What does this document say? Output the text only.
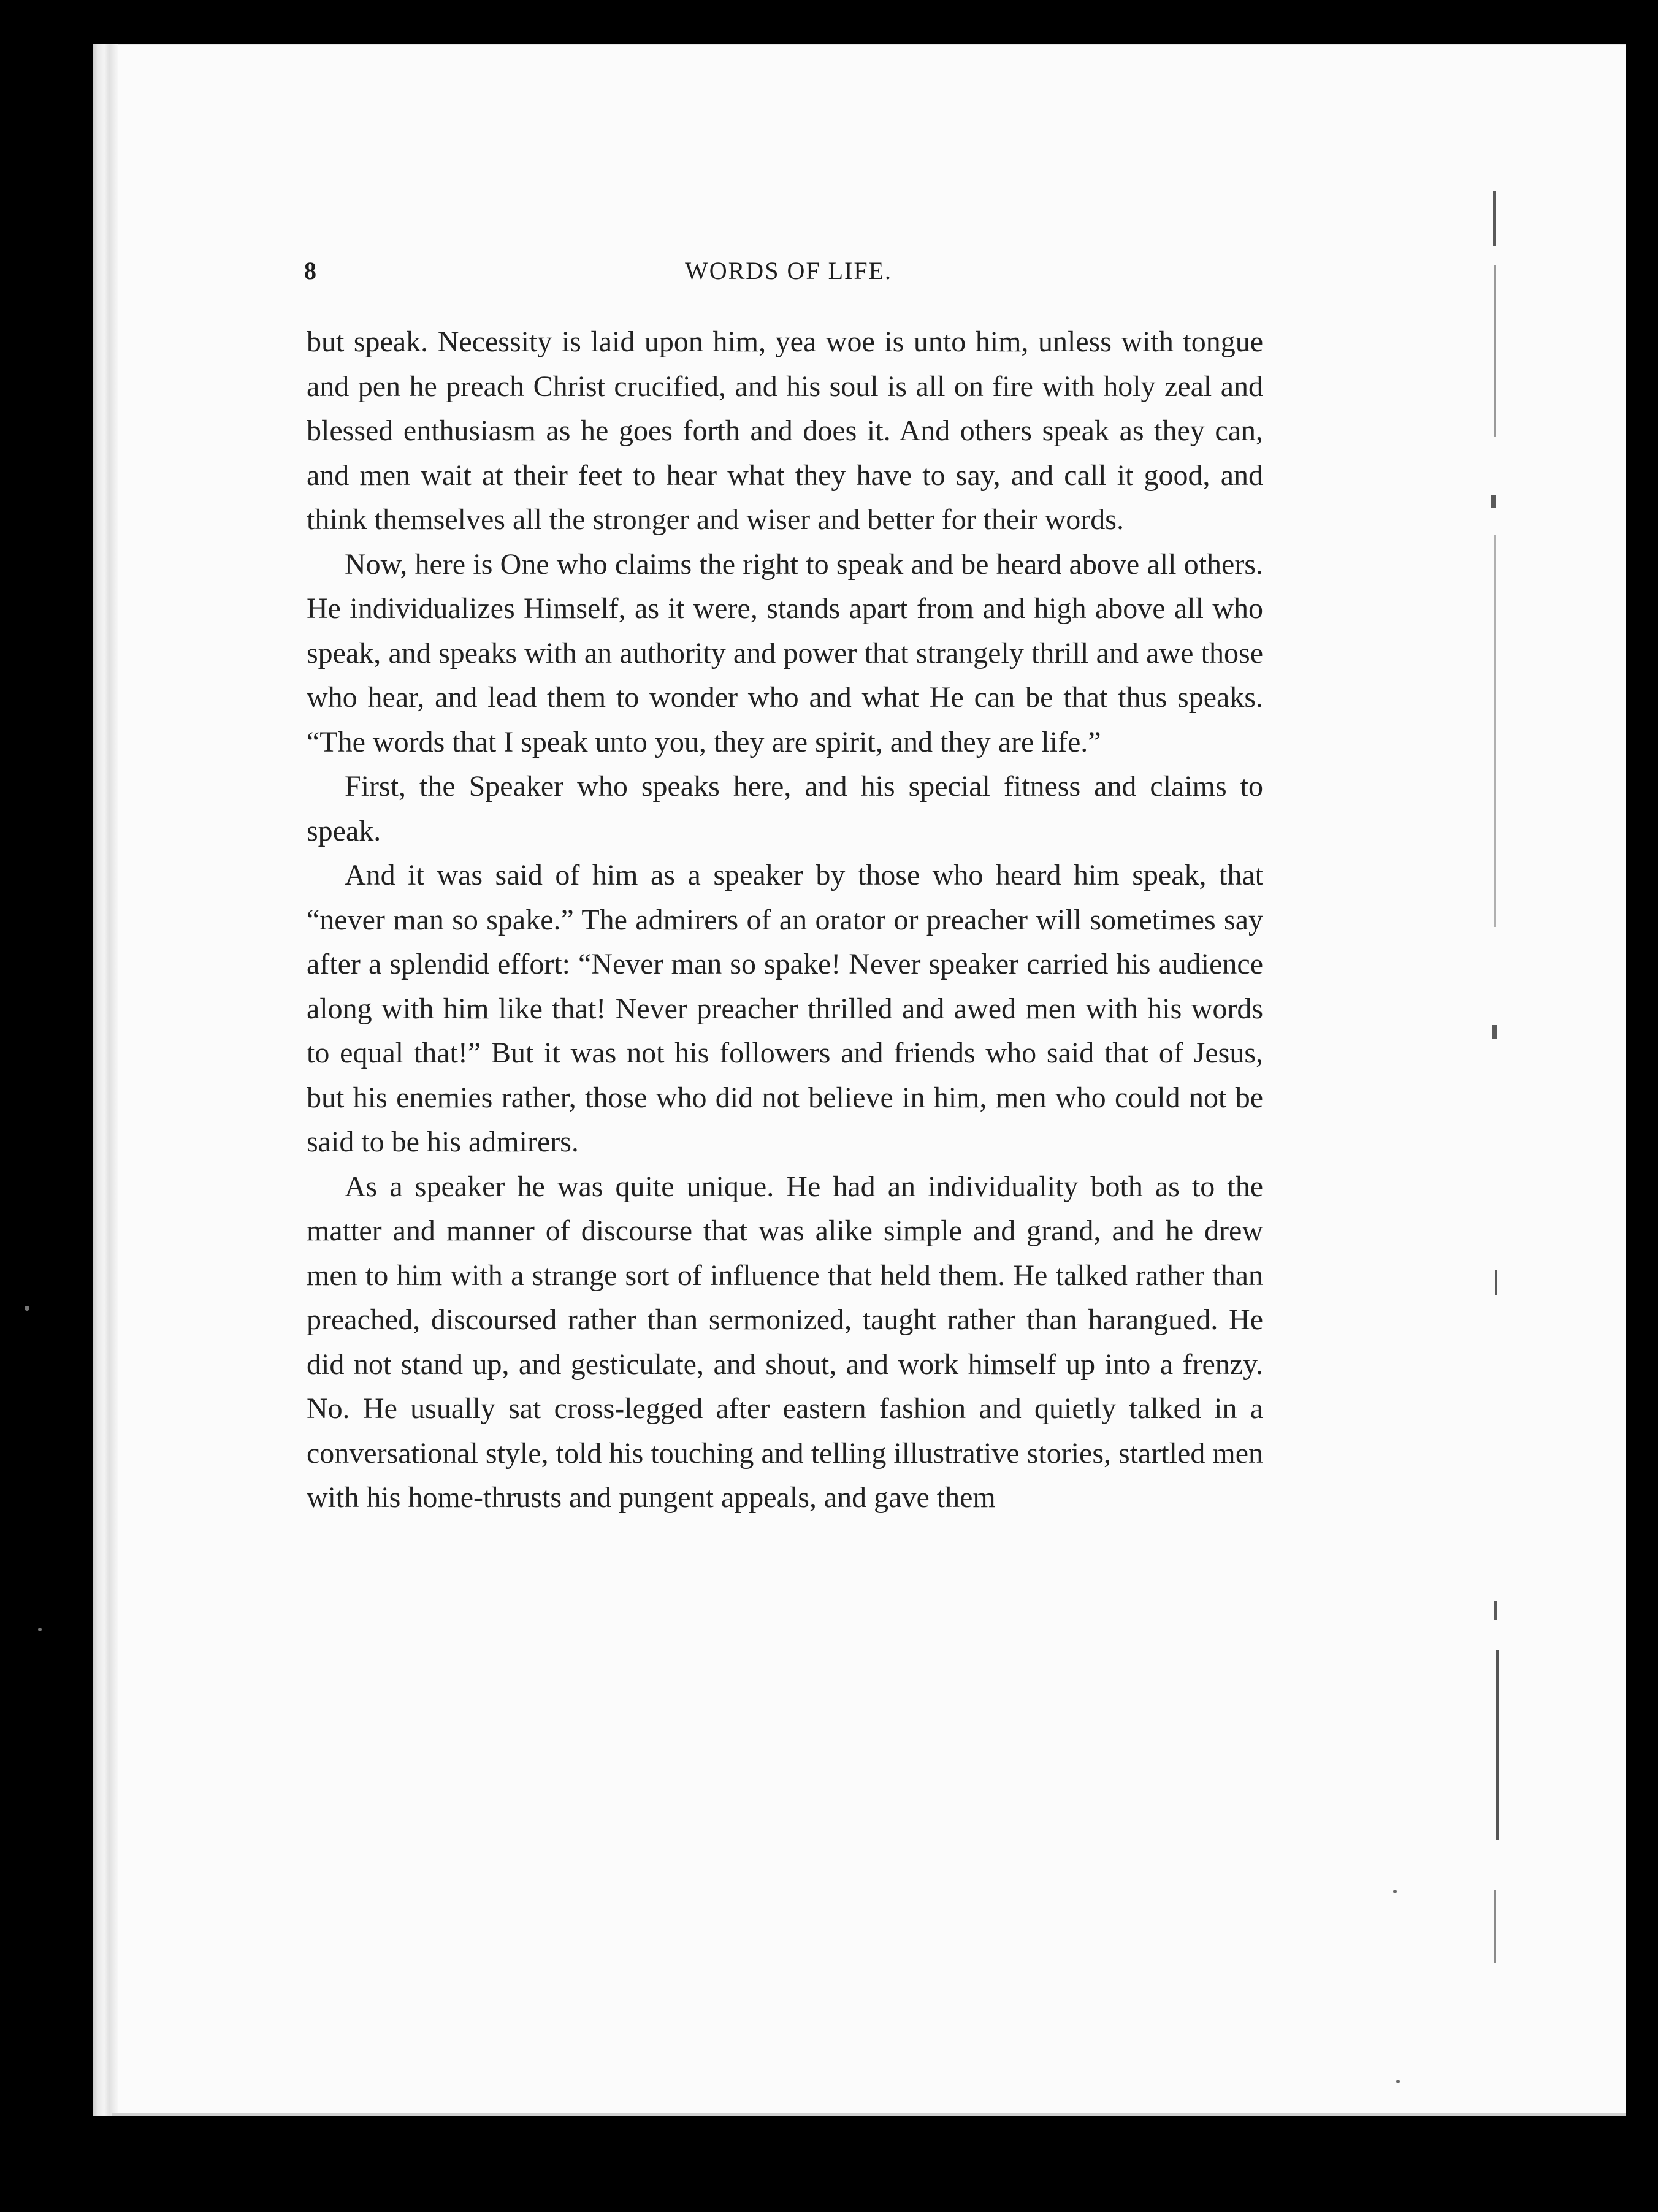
8	WORDS OF LIFE.

but speak. Necessity is laid upon him, yea woe is unto him, unless with tongue and pen he preach Christ crucified, and his soul is all on fire with holy zeal and blessed enthusiasm as he goes forth and does it. And others speak as they can, and men wait at their feet to hear what they have to say, and call it good, and think themselves all the stronger and wiser and better for their words.

Now, here is One who claims the right to speak and be heard above all others. He individualizes Himself, as it were, stands apart from and high above all who speak, and speaks with an authority and power that strangely thrill and awe those who hear, and lead them to wonder who and what He can be that thus speaks. “The words that I speak unto you, they are spirit, and they are life.”

First, the Speaker who speaks here, and his special fitness and claims to speak.

And it was said of him as a speaker by those who heard him speak, that “never man so spake.” The admirers of an orator or preacher will sometimes say after a splendid effort: “Never man so spake! Never speaker carried his audience along with him like that! Never preacher thrilled and awed men with his words to equal that!” But it was not his followers and friends who said that of Jesus, but his enemies rather, those who did not believe in him, men who could not be said to be his admirers.

As a speaker he was quite unique. He had an individuality both as to the matter and manner of discourse that was alike simple and grand, and he drew men to him with a strange sort of influence that held them. He talked rather than preached, discoursed rather than sermonized, taught rather than harangued. He did not stand up, and gesticulate, and shout, and work himself up into a frenzy. No. He usually sat cross-legged after eastern fashion and quietly talked in a conversational style, told his touching and telling illustrative stories, startled men with his home-thrusts and pungent appeals, and gave them
